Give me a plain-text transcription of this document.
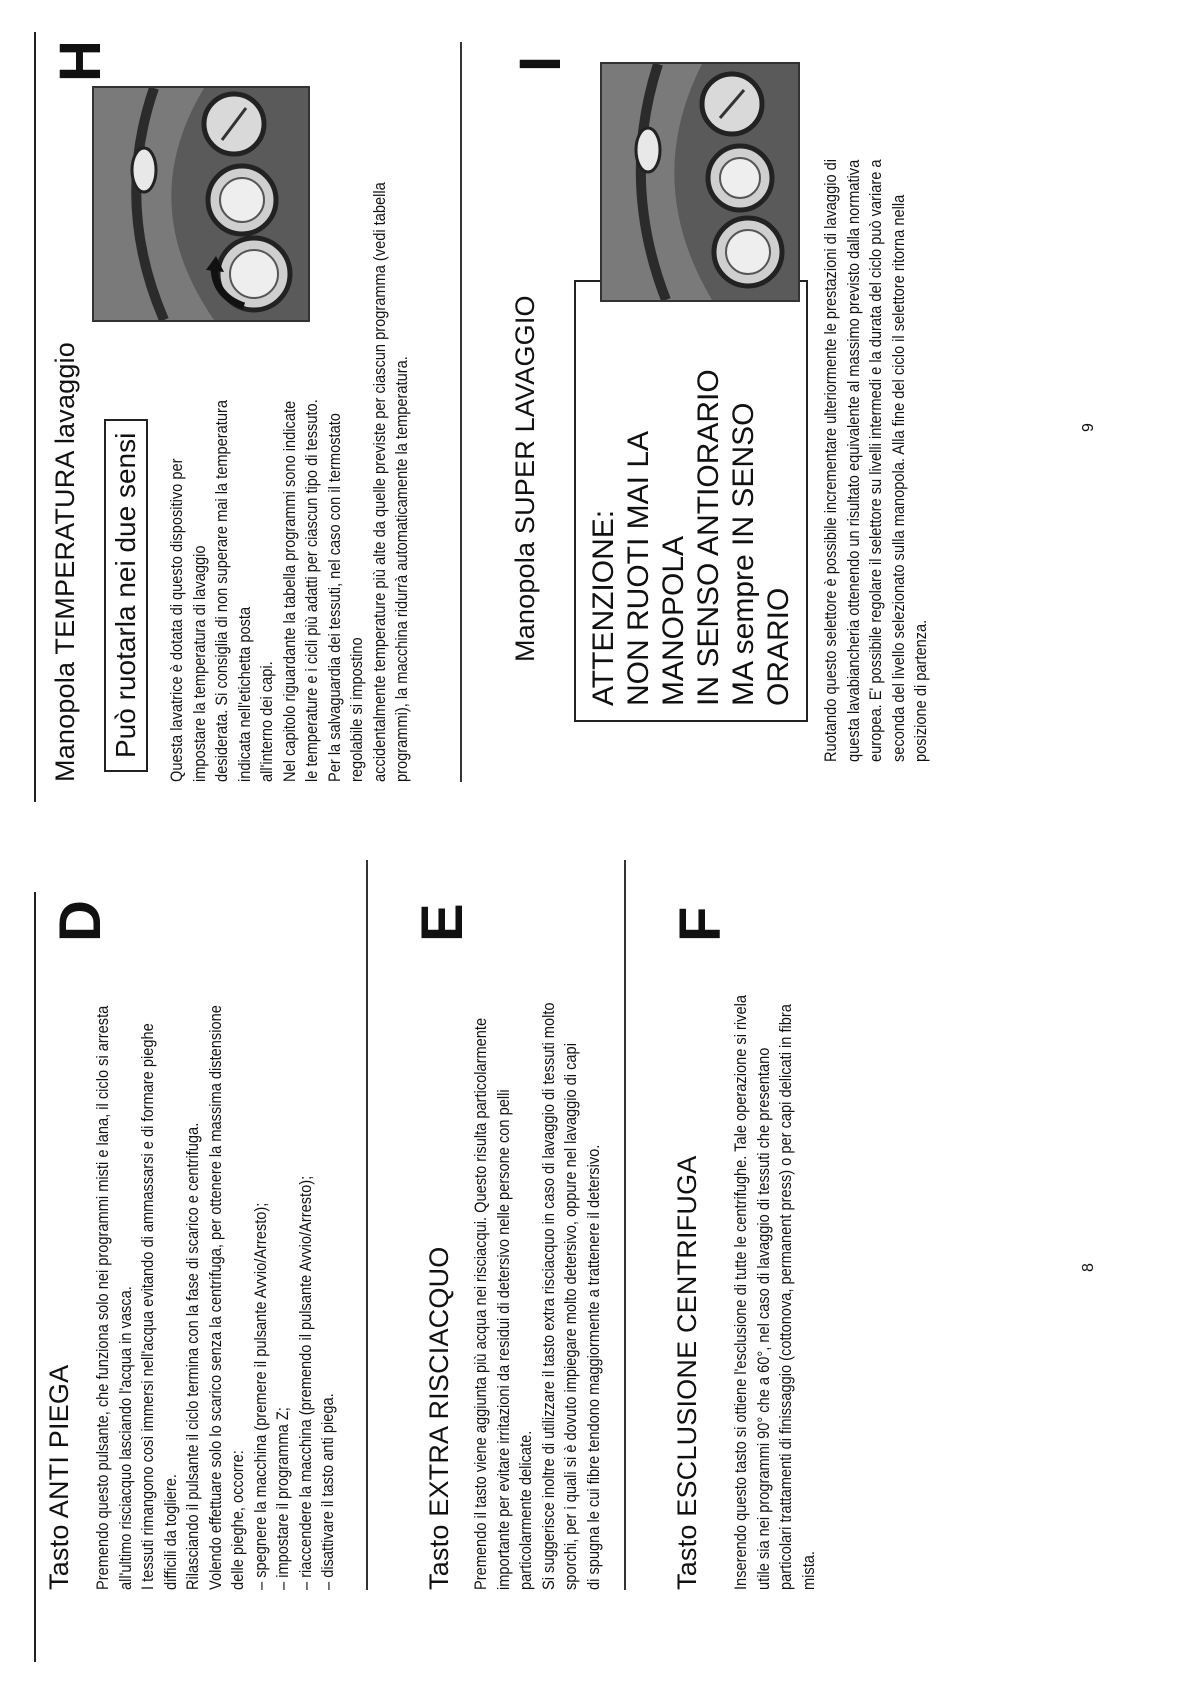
Tasto ANTI PIEGA
D
Premendo questo pulsante, che funziona solo nei programmi misti e lana, il ciclo si arresta all'ultimo risciacquo lasciando l'acqua in vasca. I tessuti rimangono così immersi nell'acqua evitando di ammassarsi e di formare pieghe difficili da togliere. Rilasciando il pulsante il ciclo termina con la fase di scarico e centrifuga. Volendo effettuare solo lo scarico senza la centrifuga, per ottenere la massima distensione delle pieghe, occorre: – spegnere la macchina (premere il pulsante Avvio/Arresto); – impostare il programma Z; – riaccendere la macchina (premendo il pulsante Avvio/Arresto); – disattivare il tasto anti piega.	Tasto EXTRA RISCIACQUO
E
Premendo il tasto viene aggiunta più acqua nei risciacqui. Questo risulta particolarmente importante per evitare irritazioni da residui di detersivo nelle persone con pelli particolarmente delicate. Si suggerisce inoltre di utilizzare il tasto extra risciacquo in caso di lavaggio di tessuti molto sporchi, per i quali si è dovuto impiegare molto detersivo, oppure nel lavaggio di capi di spugna le cui fibre tendono maggiormente a trattenere il detersivo.	Tasto ESCLUSIONE CENTRIFUGA
F
Inserendo questo tasto si ottiene l'esclusione di tutte le centrifughe. Tale operazione si rivela utile sia nei programmi 90° che a 60°, nel caso di lavaggio di tessuti che presentano particolari trattamenti di finissaggio (cottonova, permanent press) o per capi delicati in fibra mista.
8
Manopola TEMPERATURA lavaggio
H
Può ruotarla nei due sensi	Questa lavatrice è dotata di questo dispositivo per impostare la temperatura di lavaggio desiderata. Si consiglia di non superare mai la temperatura indicata nell'etichetta posta all'interno dei capi. Nel capitolo riguardante la tabella programmi sono indicate le temperature e i cicli più adatti per ciascun tipo di tessuto. Per la salvaguardia dei tessuti, nel caso con il termostato regolabile si impostino accidentalmente temperature più alte da quelle previste per ciascun programma (vedi tabella programmi), la macchina ridurrà automaticamente la temperatura.	Manopola SUPER LAVAGGIO
I
ATTENZIONE: NON RUOTI MAI LA MANOPOLA IN SENSO ANTIORARIO MA sempre IN SENSO ORARIO Ruotando questo selettore è possibile incrementare ulteriormente le prestazioni di lavaggio di questa lavabiancheria ottenendo un risultato equivalente al massimo previsto dalla normativa europea. E' possibile regolare il selettore su livelli intermedi e la durata del ciclo può variare a seconda del livello selezionato sulla manopola. Alla fine del ciclo il selettore ritorna nella posizione di partenza.
9
